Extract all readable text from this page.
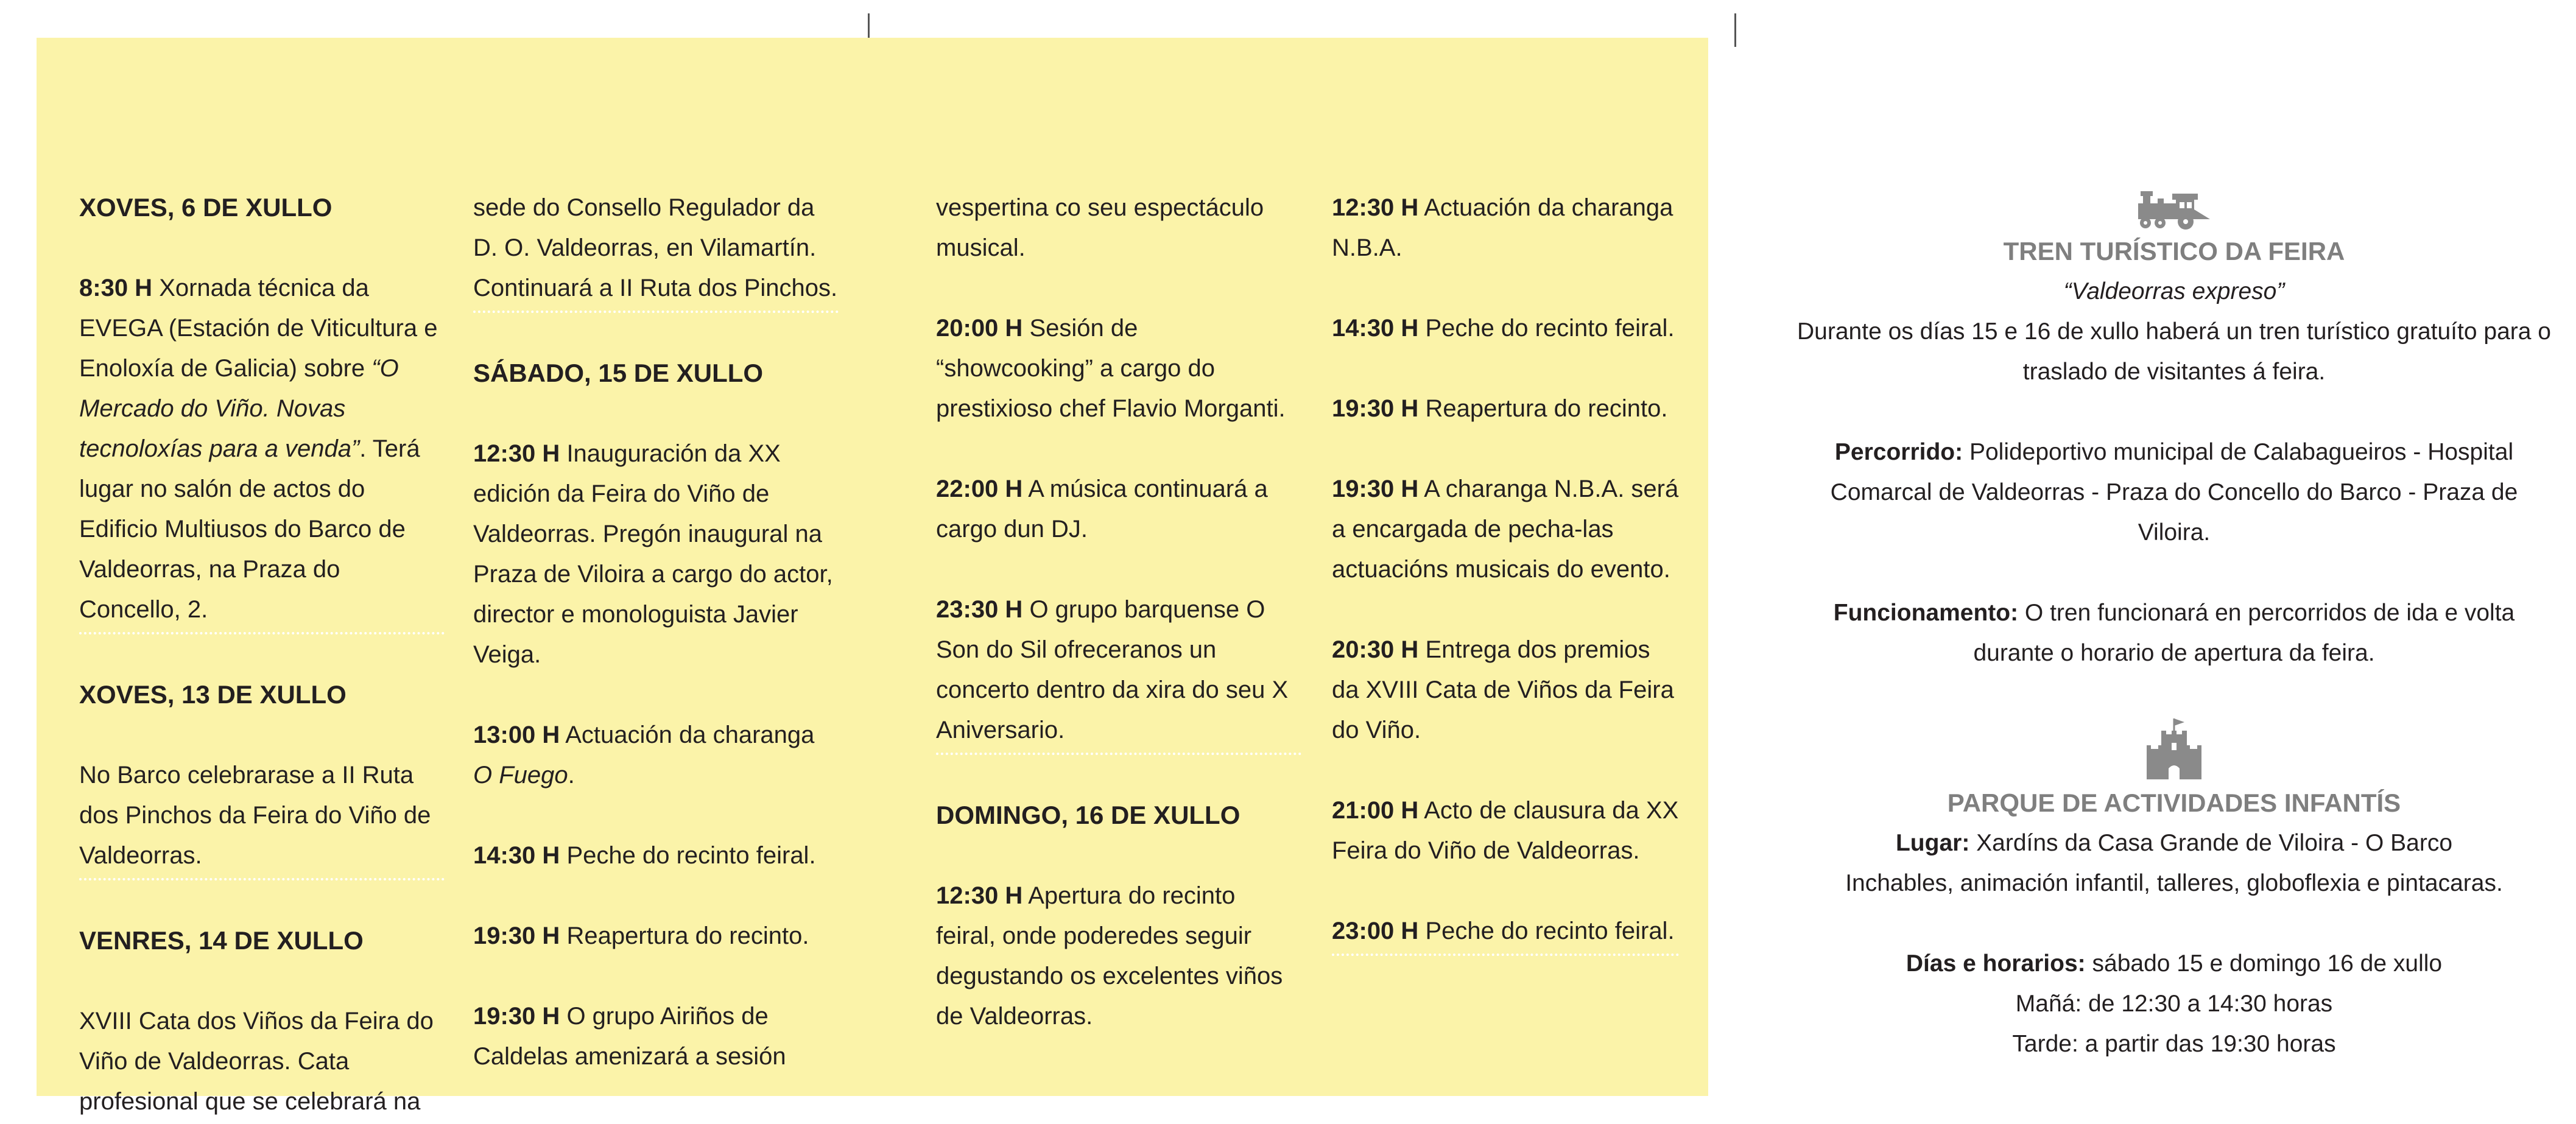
XOVES, 6 DE XULLO

8:30 H Xornada técnica da EVEGA (Estación de Viticultura e Enoloxía de Galicia) sobre “O Mercado do Viño. Novas tecnoloxías para a venda”. Terá lugar no salón de actos do Edificio Multiusos do Barco de Valdeorras, na Praza do Concello, 2.

XOVES, 13 DE XULLO

No Barco celebrarase a II Ruta dos Pinchos da Feira do Viño de Valdeorras.

VENRES, 14 DE XULLO

XVIII Cata dos Viños da Feira do Viño de Valdeorras. Cata profesional que se celebrará na

sede do Consello Regulador da D. O. Valdeorras, en Vilamartín. Continuará a II Ruta dos Pinchos.

SÁBADO, 15 DE XULLO

12:30 H Inauguración da XX edición da Feira do Viño de Valdeorras. Pregón inaugural na Praza de Viloira a cargo do actor, director e monologuista Javier Veiga.

13:00 H Actuación da charanga O Fuego.

14:30 H Peche do recinto feiral.

19:30 H Reapertura do recinto.

19:30 H O grupo Airiños de Caldelas amenizará a sesión

vespertina co seu espectáculo musical.

20:00 H Sesión de “showcooking” a cargo do prestixioso chef Flavio Morganti.

22:00 H A música continuará a cargo dun DJ.

23:30 H O grupo barquense O Son do Sil ofreceranos un concerto dentro da xira do seu X Aniversario.

DOMINGO, 16 DE XULLO

12:30 H Apertura do recinto feiral, onde poderedes seguir degustando os excelentes viños de Valdeorras.

12:30 H Actuación da charanga N.B.A.

14:30 H Peche do recinto feiral.

19:30 H Reapertura do recinto.

19:30 H A charanga N.B.A. será a encargada de pecha-las actuacións musicais do evento.

20:30 H Entrega dos premios da XVIII Cata de Viños da Feira do Viño.

21:00 H Acto de clausura da XX Feira do Viño de Valdeorras.

23:00 H Peche do recinto feiral.

TREN TURÍSTICO DA FEIRA

“Valdeorras expreso”

Durante os días 15 e 16 de xullo haberá un tren turístico gratuíto para o traslado de visitantes á feira.

Percorrido: Polideportivo municipal de Calabagueiros - Hospital Comarcal de Valdeorras - Praza do Concello do Barco - Praza de Viloira.

Funcionamento: O tren funcionará en percorridos de ida e volta durante o horario de apertura da feira.

PARQUE DE ACTIVIDADES INFANTÍS

Lugar: Xardíns da Casa Grande de Viloira - O Barco

Inchables, animación infantil, talleres, globoflexia e pintacaras.

Días e horarios: sábado 15 e domingo 16 de xullo

Mañá: de 12:30 a 14:30 horas

Tarde: a partir das 19:30 horas
